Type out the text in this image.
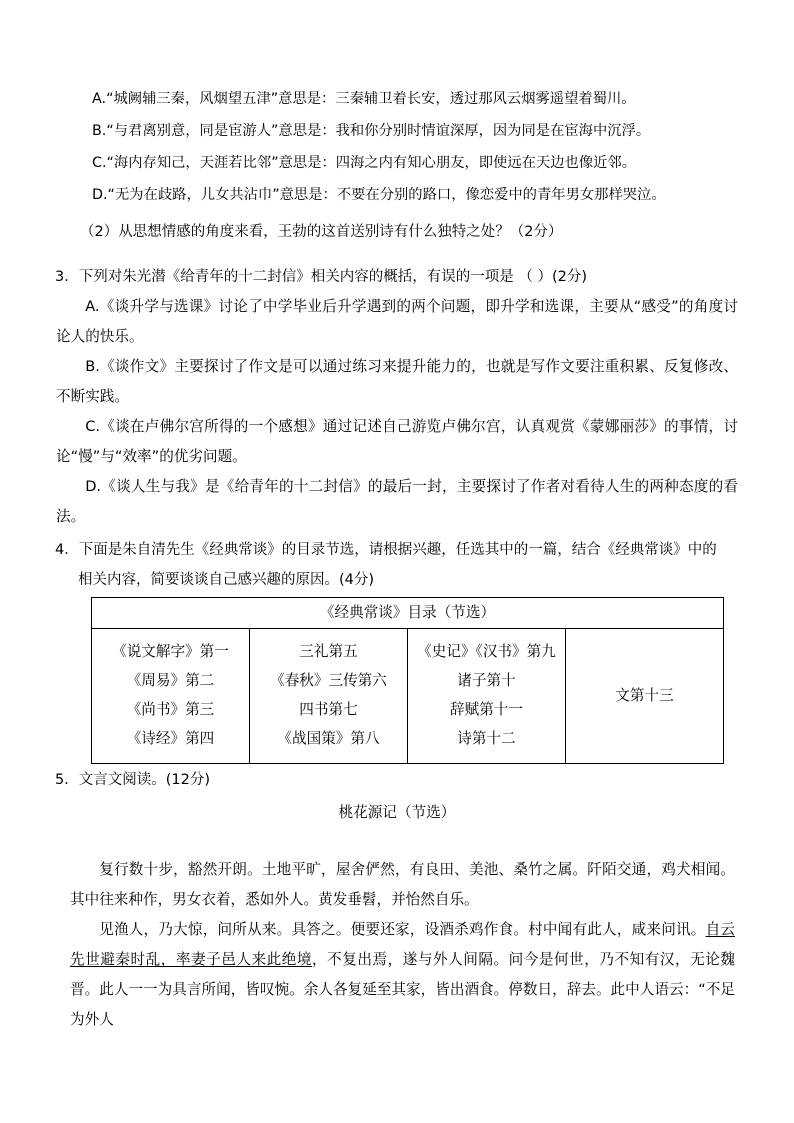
A.“城阙辅三秦，风烟望五津”意思是：三秦辅卫着长安，透过那风云烟雾遥望着蜀川。
B.“与君离别意，同是宦游人”意思是：我和你分别时情谊深厚，因为同是在宦海中沉浮。
C.“海内存知己，天涯若比邻”意思是：四海之内有知心朋友，即使远在天边也像近邻。
D.“无为在歧路，儿女共沾巾”意思是：不要在分别的路口，像恋爱中的青年男女那样哭泣。
（2）从思想情感的角度来看，王勃的这首送别诗有什么独特之处？（2分）
3．下列对朱光潜《给青年的十二封信》相关内容的概括，有误的一项是 （ ）(2分)
A.《谈升学与选课》讨论了中学毕业后升学遇到的两个问题，即升学和选课，主要从“感受”的角度讨论人的快乐。
B.《谈作文》主要探讨了作文是可以通过练习来提升能力的，也就是写作文要注重积累、反复修改、不断实践。
C.《谈在卢佛尔宫所得的一个感想》通过记述自己游览卢佛尔宫，认真观赏《蒙娜丽莎》的事情，讨论“慢”与“效率”的优劣问题。
D.《谈人生与我》是《给青年的十二封信》的最后一封，主要探讨了作者对看待人生的两种态度的看法。
4．下面是朱自清先生《经典常谈》的目录节选，请根据兴趣，任选其中的一篇，结合《经典常谈》中的
相关内容，简要谈谈自己感兴趣的原因。(4分)
《经典常谈》目录（节选）

《说文解字》第一
《周易》第二
《尚书》第三
《诗经》第四

三礼第五
《春秋》三传第六
四书第七
《战国策》第八

《史记》《汉书》第九
诸子第十
辞赋第十一
诗第十二

文第十三
5．文言文阅读。(12分)
桃花源记（节选）
复行数十步，豁然开朗。土地平旷，屋舍俨然，有良田、美池、桑竹之属。阡陌交通，鸡犬相闻。其中往来种作，男女衣着，悉如外人。黄发垂髫，并怡然自乐。
见渔人，乃大惊，问所从来。具答之。便要还家，设酒杀鸡作食。村中闻有此人，咸来问讯。自云先世避秦时乱，率妻子邑人来此绝境，不复出焉，遂与外人间隔。问今是何世，乃不知有汉，无论魏晋。此人一一为具言所闻，皆叹惋。余人各复延至其家，皆出酒食。停数日，辞去。此中人语云：“不足为外人
